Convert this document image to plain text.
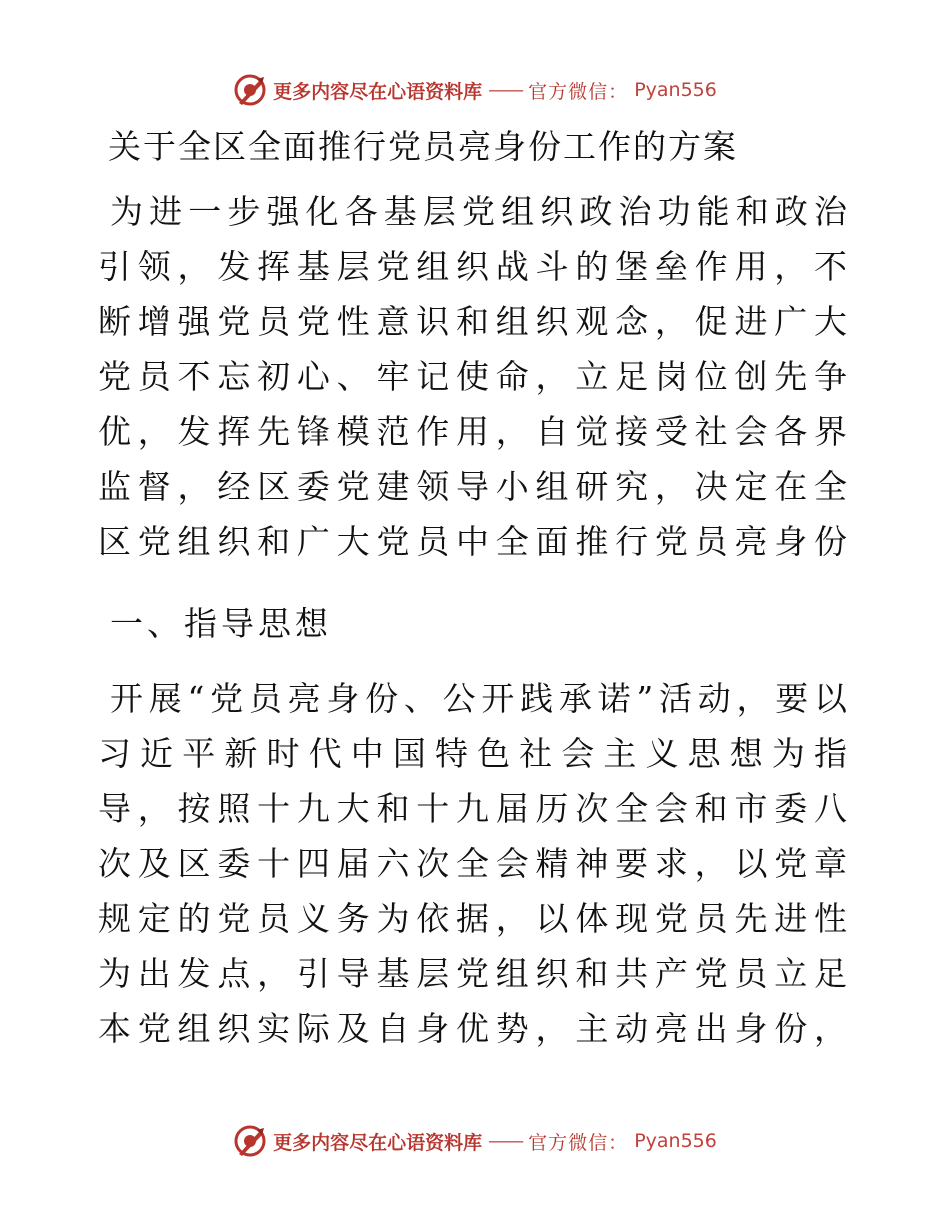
更多内容尽在心语资料库 —— 官方微信： Pyan556
关于全区全面推行党员亮身份工作的方案

为进一步强化各基层党组织政治功能和政治引领，发挥基层党组织战斗的堡垒作用，不断增强党员党性意识和组织观念，促进广大党员不忘初心、牢记使命，立足岗位创先争优，发挥先锋模范作用，自觉接受社会各界监督，经区委党建领导小组研究，决定在全区党组织和广大党员中全面推行党员亮身份

一、指导思想

开展“党员亮身份、公开践承诺”活动，要以习近平新时代中国特色社会主义思想为指导，按照十九大和十九届历次全会和市委八次及区委十四届六次全会精神要求，以党章规定的党员义务为依据，以体现党员先进性为出发点，引导基层党组织和共产党员立足本党组织实际及自身优势，主动亮出身份，

更多内容尽在心语资料库 —— 官方微信： Pyan556
